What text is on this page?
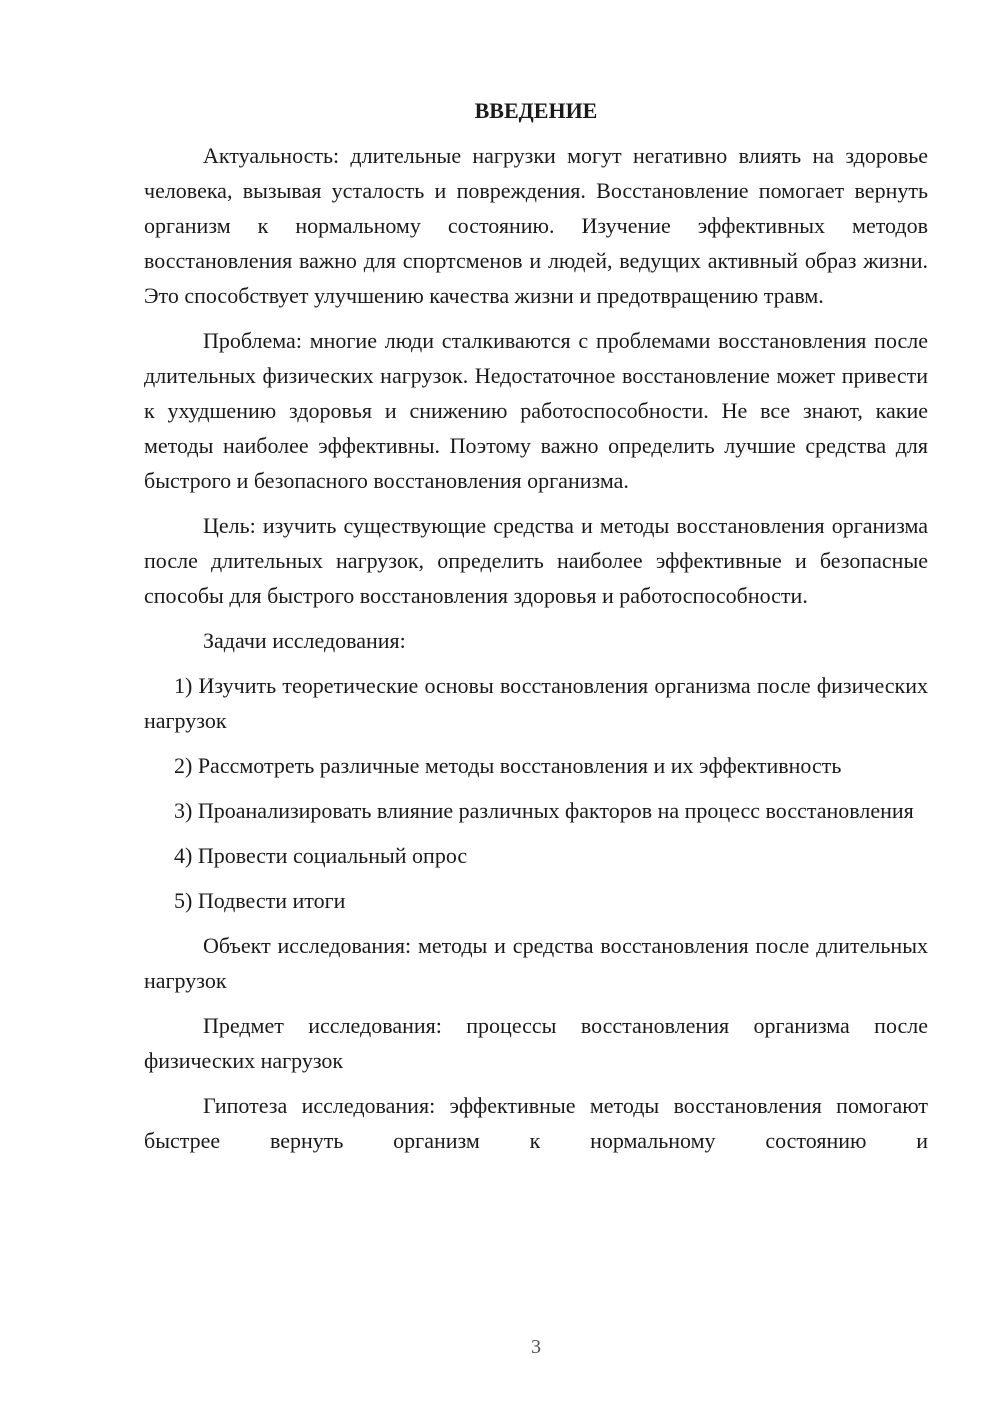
ВВЕДЕНИЕ

Актуальность: длительные нагрузки могут негативно влиять на здоровье человека, вызывая усталость и повреждения. Восстановление помогает вернуть организм к нормальному состоянию. Изучение эффективных методов восстановления важно для спортсменов и людей, ведущих активный образ жизни. Это способствует улучшению качества жизни и предотвращению травм.

Проблема: многие люди сталкиваются с проблемами восстановления после длительных физических нагрузок. Недостаточное восстановление может привести к ухудшению здоровья и снижению работоспособности. Не все знают, какие методы наиболее эффективны. Поэтому важно определить лучшие средства для быстрого и безопасного восстановления организма.

Цель: изучить существующие средства и методы восстановления организма после длительных нагрузок, определить наиболее эффективные и безопасные способы для быстрого восстановления здоровья и работоспособности.

Задачи исследования:

1) Изучить теоретические основы восстановления организма после физических нагрузок

2) Рассмотреть различные методы восстановления и их эффективность

3) Проанализировать влияние различных факторов на процесс восстановления

4) Провести социальный опрос

5) Подвести итоги

Объект исследования: методы и средства восстановления после длительных нагрузок

Предмет исследования: процессы восстановления организма после физических нагрузок

Гипотеза исследования: эффективные методы восстановления помогают быстрее вернуть организм к нормальному состоянию и

3
